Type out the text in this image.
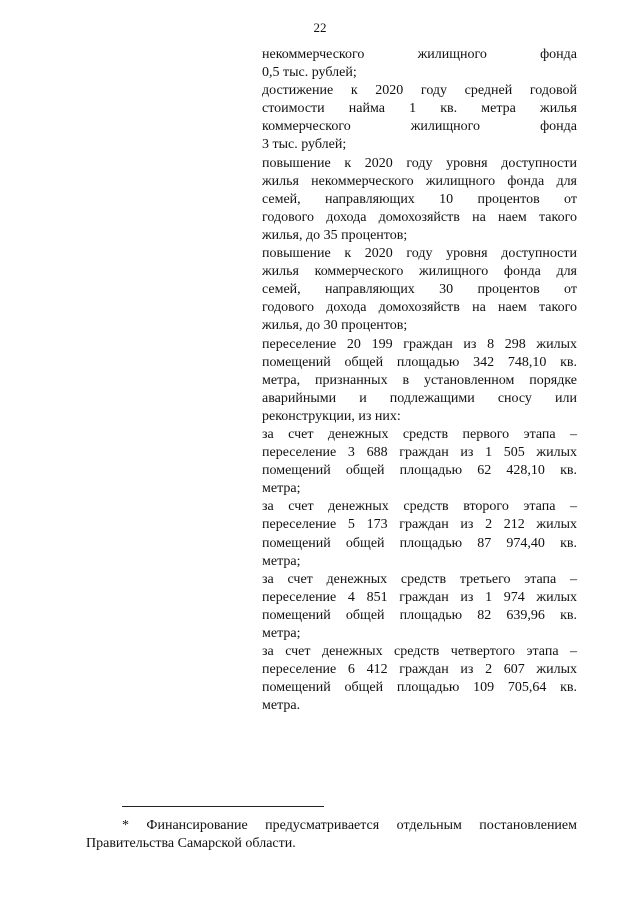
22

некоммерческого жилищного фонда
0,5 тыс. рублей;

достижение к 2020 году средней годовой
стоимости найма 1 кв. метра жилья
коммерческого жилищного фонда
3 тыс. рублей;

повышение к 2020 году уровня доступности
жилья некоммерческого жилищного фонда для
семей, направляющих 10 процентов от
годового дохода домохозяйств на наем такого
жилья, до 35 процентов;

повышение к 2020 году уровня доступности
жилья коммерческого жилищного фонда для
семей, направляющих 30 процентов от
годового дохода домохозяйств на наем такого
жилья, до 30 процентов;

переселение 20 199 граждан из 8 298 жилых
помещений общей площадью 342 748,10 кв.
метра, признанных в установленном порядке
аварийными и подлежащими сносу или
реконструкции, из них:

за счет денежных средств первого этапа –
переселение 3 688 граждан из 1 505 жилых
помещений общей площадью 62 428,10 кв.
метра;

за счет денежных средств второго этапа –
переселение 5 173 граждан из 2 212 жилых
помещений общей площадью 87 974,40 кв.
метра;

за счет денежных средств третьего этапа –
переселение 4 851 граждан из 1 974 жилых
помещений общей площадью 82 639,96 кв.
метра;

за счет денежных средств четвертого этапа –
переселение 6 412 граждан из 2 607 жилых
помещений общей площадью 109 705,64 кв.
метра.

* Финансирование предусматривается отдельным постановлением
Правительства Самарской области.
